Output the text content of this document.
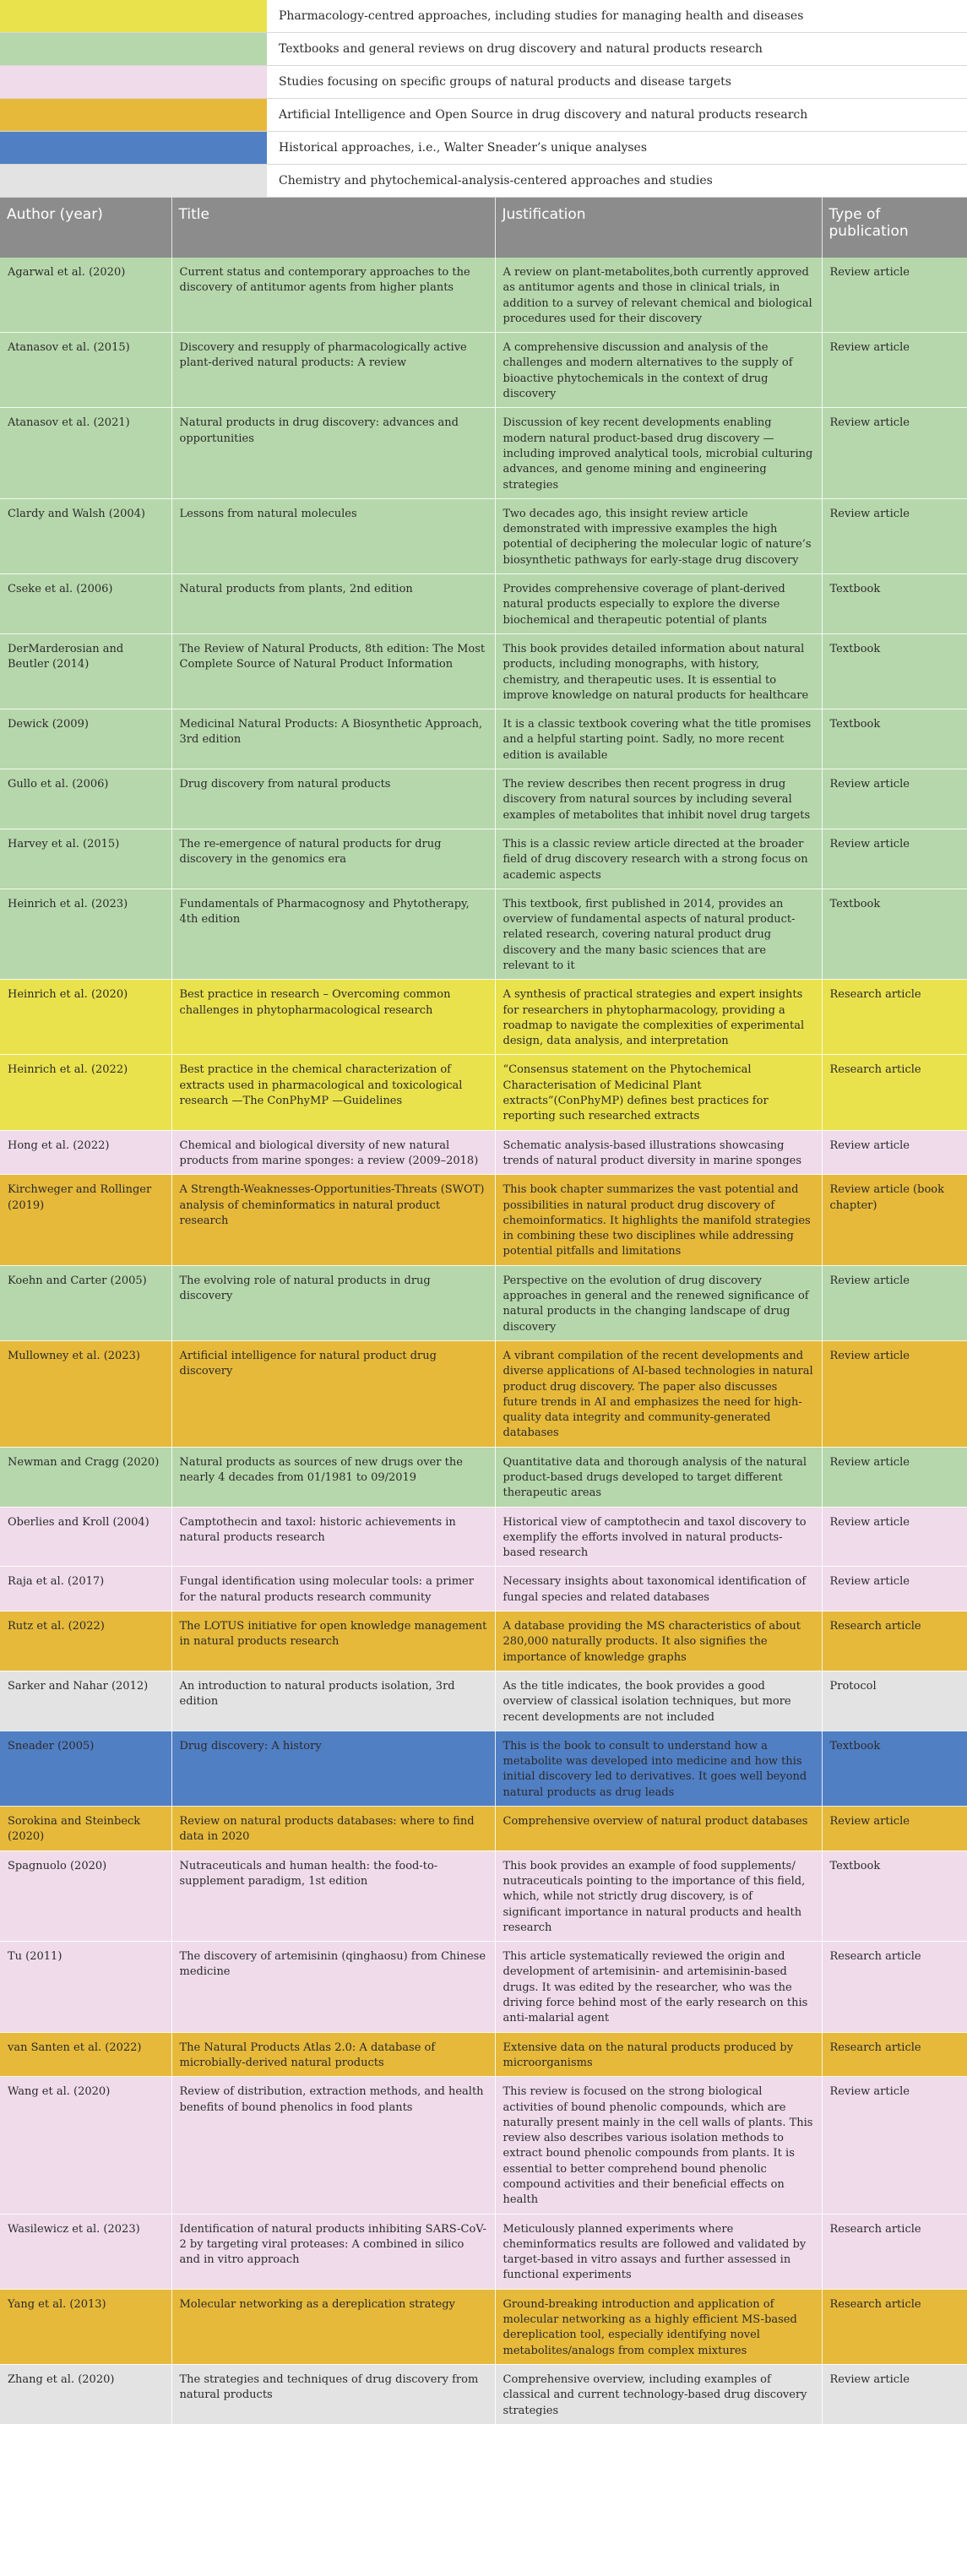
Pharmacology-centred approaches, including studies for managing health and diseases
Textbooks and general reviews on drug discovery and natural products research
Studies focusing on specific groups of natural products and disease targets
Artificial Intelligence and Open Source in drug discovery and natural products research
Historical approaches, i.e., Walter Sneader’s unique analyses
Chemistry and phytochemical-analysis-centered approaches and studies
Author (year)	Title	Justification	Type of publication
Agarwal et al. (2020)	Current status and contemporary approaches to the discovery of antitumor agents from higher plants	A review on plant-metabolites,both currently approved as antitumor agents and those in clinical trials, in addition to a survey of relevant chemical and biological procedures used for their discovery	Review article
Atanasov et al. (2015)	Discovery and resupply of pharmacologically active plant-derived natural products: A review	A comprehensive discussion and analysis of the challenges and modern alternatives to the supply of bioactive phytochemicals in the context of drug discovery	Review article
Atanasov et al. (2021)	Natural products in drug discovery: advances and opportunities	Discussion of key recent developments enabling modern natural product-based drug discovery — including improved analytical tools, microbial culturing advances, and genome mining and engineering strategies	Review article
Clardy and Walsh (2004)	Lessons from natural molecules	Two decades ago, this insight review article demonstrated with impressive examples the high potential of deciphering the molecular logic of nature’s biosynthetic pathways for early-stage drug discovery	Review article
Cseke et al. (2006)	Natural products from plants, 2nd edition	Provides comprehensive coverage of plant-derived natural products especially to explore the diverse biochemical and therapeutic potential of plants	Textbook
DerMarderosian and Beutler (2014)	The Review of Natural Products, 8th edition: The Most Complete Source of Natural Product Information	This book provides detailed information about natural products, including monographs, with history, chemistry, and therapeutic uses. It is essential to improve knowledge on natural products for healthcare	Textbook
Dewick (2009)	Medicinal Natural Products: A Biosynthetic Approach, 3rd edition	It is a classic textbook covering what the title promises and a helpful starting point. Sadly, no more recent edition is available	Textbook
Gullo et al. (2006)	Drug discovery from natural products	The review describes then recent progress in drug discovery from natural sources by including several examples of metabolites that inhibit novel drug targets	Review article
Harvey et al. (2015)	The re-emergence of natural products for drug discovery in the genomics era	This is a classic review article directed at the broader field of drug discovery research with a strong focus on academic aspects	Review article
Heinrich et al. (2023)	Fundamentals of Pharmacognosy and Phytotherapy, 4th edition	This textbook, first published in 2014, provides an overview of fundamental aspects of natural product-related research, covering natural product drug discovery and the many basic sciences that are relevant to it	Textbook
Heinrich et al. (2020)	Best practice in research – Overcoming common challenges in phytopharmacological research	A synthesis of practical strategies and expert insights for researchers in phytopharmacology, providing a roadmap to navigate the complexities of experimental design, data analysis, and interpretation	Research article
Heinrich et al. (2022)	Best practice in the chemical characterization of extracts used in pharmacological and toxicological research —The ConPhyMP —Guidelines	“Consensus statement on the Phytochemical Characterisation of Medicinal Plant extracts”(ConPhyMP) defines best practices for reporting such researched extracts	Research article
Hong et al. (2022)	Chemical and biological diversity of new natural products from marine sponges: a review (2009–2018)	Schematic analysis-based illustrations showcasing trends of natural product diversity in marine sponges	Review article
Kirchweger and Rollinger (2019)	A Strength-Weaknesses-Opportunities-Threats (SWOT) analysis of cheminformatics in natural product research	This book chapter summarizes the vast potential and possibilities in natural product drug discovery of chemoinformatics. It highlights the manifold strategies in combining these two disciplines while addressing potential pitfalls and limitations	Review article (book chapter)
Koehn and Carter (2005)	The evolving role of natural products in drug discovery	Perspective on the evolution of drug discovery approaches in general and the renewed significance of natural products in the changing landscape of drug discovery	Review article
Mullowney et al. (2023)	Artificial intelligence for natural product drug discovery	A vibrant compilation of the recent developments and diverse applications of AI-based technologies in natural product drug discovery. The paper also discusses future trends in AI and emphasizes the need for high-quality data integrity and community-generated databases	Review article
Newman and Cragg (2020)	Natural products as sources of new drugs over the nearly 4 decades from 01/1981 to 09/2019	Quantitative data and thorough analysis of the natural product-based drugs developed to target different therapeutic areas	Review article
Oberlies and Kroll (2004)	Camptothecin and taxol: historic achievements in natural products research	Historical view of camptothecin and taxol discovery to exemplify the efforts involved in natural products-based research	Review article
Raja et al. (2017)	Fungal identification using molecular tools: a primer for the natural products research community	Necessary insights about taxonomical identification of fungal species and related databases	Review article
Rutz et al. (2022)	The LOTUS initiative for open knowledge management in natural products research	A database providing the MS characteristics of about 280,000 naturally products. It also signifies the importance of knowledge graphs	Research article
Sarker and Nahar (2012)	An introduction to natural products isolation, 3rd edition	As the title indicates, the book provides a good overview of classical isolation techniques, but more recent developments are not included	Protocol
Sneader (2005)	Drug discovery: A history	This is the book to consult to understand how a metabolite was developed into medicine and how this initial discovery led to derivatives. It goes well beyond natural products as drug leads	Textbook
Sorokina and Steinbeck (2020)	Review on natural products databases: where to find data in 2020	Comprehensive overview of natural product databases	Review article
Spagnuolo (2020)	Nutraceuticals and human health: the food-to-supplement paradigm, 1st edition	This book provides an example of food supplements/ nutraceuticals pointing to the importance of this field, which, while not strictly drug discovery, is of significant importance in natural products and health research	Textbook
Tu (2011)	The discovery of artemisinin (qinghaosu) from Chinese medicine	This article systematically reviewed the origin and development of artemisinin- and artemisinin-based drugs. It was edited by the researcher, who was the driving force behind most of the early research on this anti-malarial agent	Research article
van Santen et al. (2022)	The Natural Products Atlas 2.0: A database of microbially-derived natural products	Extensive data on the natural products produced by microorganisms	Research article
Wang et al. (2020)	Review of distribution, extraction methods, and health benefits of bound phenolics in food plants	This review is focused on the strong biological activities of bound phenolic compounds, which are naturally present mainly in the cell walls of plants. This review also describes various isolation methods to extract bound phenolic compounds from plants. It is essential to better comprehend bound phenolic compound activities and their beneficial effects on health	Review article
Wasilewicz et al. (2023)	Identification of natural products inhibiting SARS-CoV-2 by targeting viral proteases: A combined in silico and in vitro approach	Meticulously planned experiments where cheminformatics results are followed and validated by target-based in vitro assays and further assessed in functional experiments	Research article
Yang et al. (2013)	Molecular networking as a dereplication strategy	Ground-breaking introduction and application of molecular networking as a highly efficient MS-based dereplication tool, especially identifying novel metabolites/analogs from complex mixtures	Research article
Zhang et al. (2020)	The strategies and techniques of drug discovery from natural products	Comprehensive overview, including examples of classical and current technology-based drug discovery strategies	Review article
